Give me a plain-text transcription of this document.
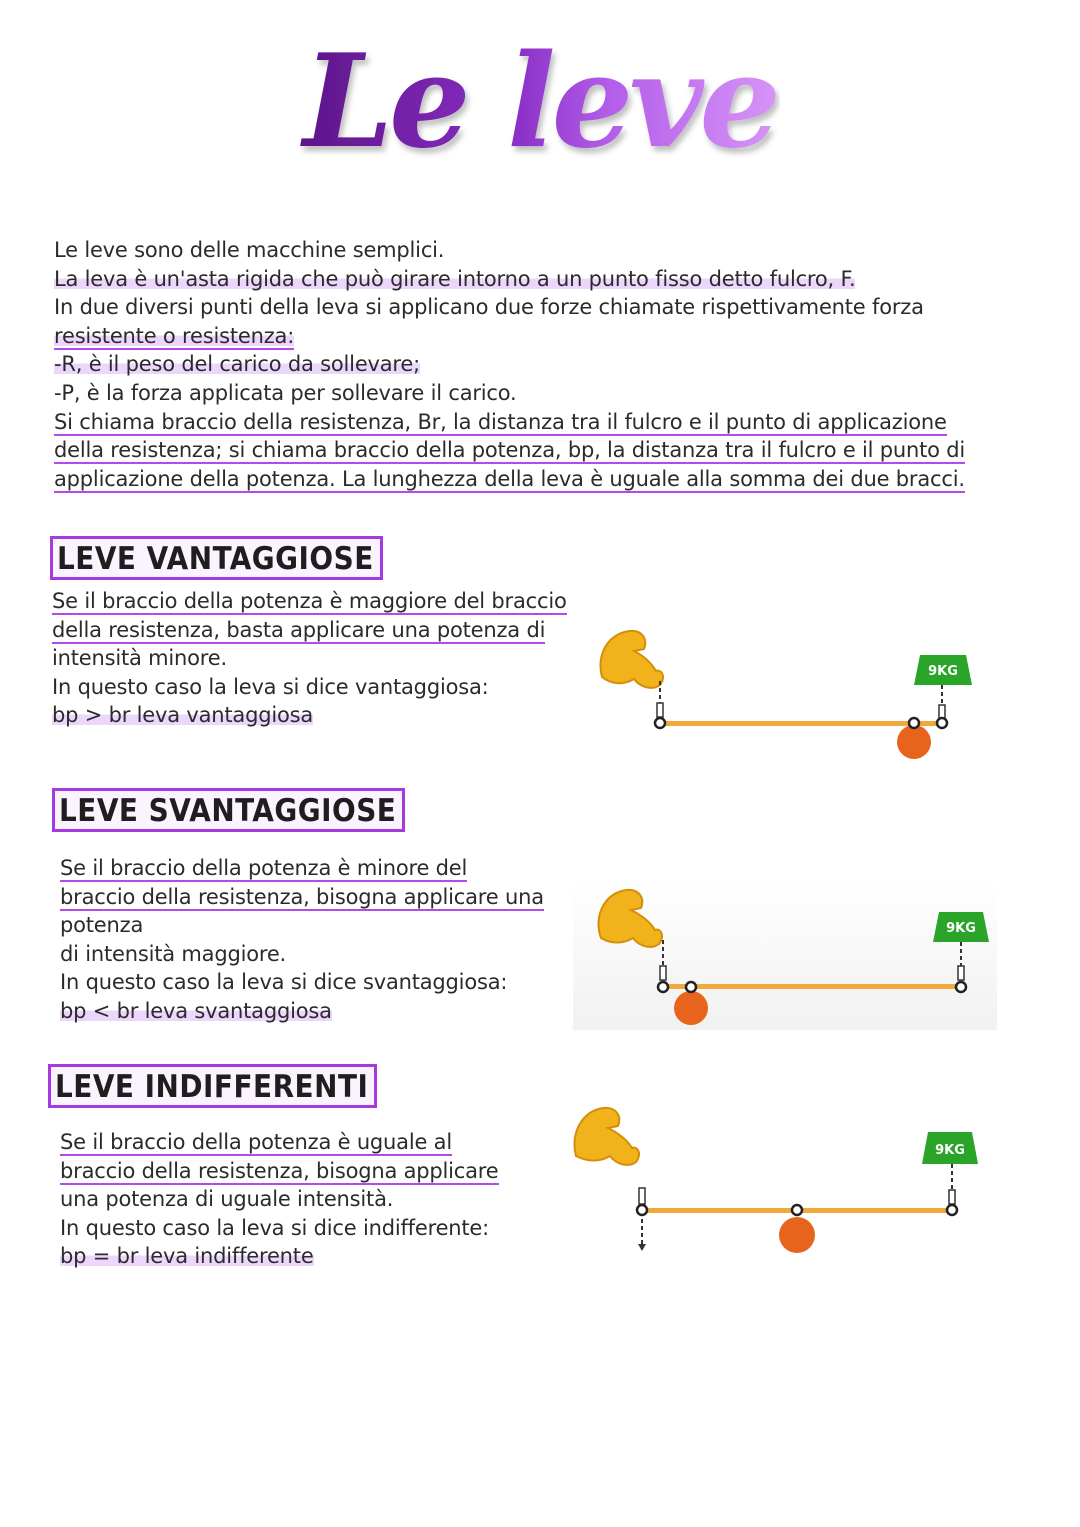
Le leve

Le leve sono delle macchine semplici.

La leva è un'asta rigida che può girare intorno a un punto fisso detto fulcro, F.

In due diversi punti della leva si applicano due forze chiamate rispettivamente forza

resistente o resistenza:

-R, è il peso del carico da sollevare;

-P, è la forza applicata per sollevare il carico.

Si chiama braccio della resistenza, Br, la distanza tra il fulcro e il punto di applicazione

della resistenza; si chiama braccio della potenza, bp, la distanza tra il fulcro e il punto di

applicazione della potenza. La lunghezza della leva è uguale alla somma dei due bracci.

LEVE VANTAGGIOSE

Se il braccio della potenza è maggiore del braccio

della resistenza, basta applicare una potenza di

intensità minore.

In questo caso la leva si dice vantaggiosa:

bp > br leva vantaggiosa

9KG
LEVE SVANTAGGIOSE

Se il braccio della potenza è minore del

braccio della resistenza, bisogna applicare una

potenza

di intensità maggiore.

In questo caso la leva si dice svantaggiosa:

bp < br leva svantaggiosa

9KG
LEVE INDIFFERENTI

Se il braccio della potenza è uguale al

braccio della resistenza, bisogna applicare

una potenza di uguale intensità.

In questo caso la leva si dice indifferente:

bp = br leva indifferente

9KG
